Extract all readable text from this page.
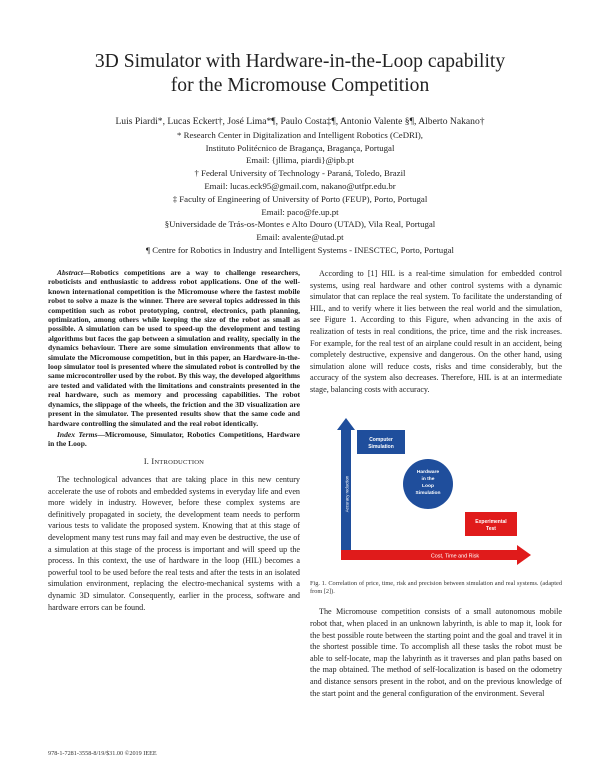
3D Simulator with Hardware-in-the-Loop capability
for the Micromouse Competition
Luis Piardi*, Lucas Eckert†, José Lima*¶, Paulo Costa‡¶, Antonio Valente §¶, Alberto Nakano†
* Research Center in Digitalization and Intelligent Robotics (CeDRI),
Instituto Politécnico de Bragança, Bragança, Portugal
Email: {jllima, piardi}@ipb.pt
† Federal University of Technology - Paraná, Toledo, Brazil
Email: lucas.eck95@gmail.com, nakano@utfpr.edu.br
‡ Faculty of Engineering of University of Porto (FEUP), Porto, Portugal
Email: paco@fe.up.pt
§Universidade de Trás-os-Montes e Alto Douro (UTAD), Vila Real, Portugal
Email: avalente@utad.pt
¶ Centre for Robotics in Industry and Intelligent Systems - INESCTEC, Porto, Portugal

Abstract—Robotics competitions are a way to challenge researchers, roboticists and enthusiastic to address robot applications. One of the well-known international competition is the Micromouse where the fastest mobile robot to solve a maze is the winner. There are several topics addressed in this competition such as robot prototyping, control, electronics, path planning, optimization, among others while keeping the size of the robot as small as possible. A simulation can be used to speed-up the development and testing algorithms but faces the gap between a simulation and reality, specially in the dynamics behaviour. There are some simulation environments that allow to simulate the Micromouse competition, but in this paper, an Hardware-in-the-loop simulator tool is presented where the simulated robot is controlled by the same microcontroller used by the robot. By this way, the developed algorithms are tested and validated with the limitations and constraints presented in the real hardware, such as memory and processing capabilities. The robot dynamics, the slippage of the wheels, the friction and the 3D visualization are present in the simulator. The presented results show that the same code and hardware controlling the simulated and the real robot identically.

Index Terms—Micromouse, Simulator, Robotics Competitions, Hardware in the Loop.

I. INTRODUCTION

The technological advances that are taking place in this new century accelerate the use of robots and embedded systems in everyday life and even more widely in industry. However, before these complex systems are definitively propagated in society, the development team needs to perform various tests to validate the proposed system. Knowing that at this stage of development many test runs may fail and may even be destructive, the use of a simulation at this stage of the process is important and will speed up the process. In this context, the use of hardware in the loop (HIL) becomes a powerful tool to be used before the real tests and after the tests in an isolated simulation environment, replacing the electro-mechanical systems with a dynamic 3D simulator. Consequently, earlier in the process, software and hardware errors can be found.

978-1-7281-3558-8/19/$31.00 ©2019 IEEE

According to [1] HIL is a real-time simulation for embedded control systems, using real hardware and other control systems with a dynamic simulator that can replace the real system. To facilitate the understanding of HIL, and to verify where it lies between the real world and the simulation, see Figure 1. According to this Figure, when advancing in the axis of realization of tests in real conditions, the price, time and the risk increases. For example, for the real test of an airplane could result in an accident, being completely destructive, expensive and dangerous. On the other hand, using simulation alone will reduce costs, risks and time considerably, but the accuracy of the system also decreases. Therefore, HIL is at an intermediate stage, balancing costs with accuracy.

Accuracy reduction
Cost, Time and Risk
Computer
Simulation
Hardware
in the
Loop
Simulation
Experimental
Test
Fig. 1. Correlation of price, time, risk and precision between simulation and real systems. (adapted from [2]).

The Micromouse competition consists of a small autonomous mobile robot that, when placed in an unknown labyrinth, is able to map it, look for the best possible route between the starting point and the goal and travel it in the shortest possible time. To accomplish all these tasks the robot must be able to self-locate, map the labyrinth as it traverses and plan paths based on the map obtained. The method of self-localization is based on the odometry and distance sensors present in the robot, and on the previous knowledge of the start point and the general configuration of the environment. Several
